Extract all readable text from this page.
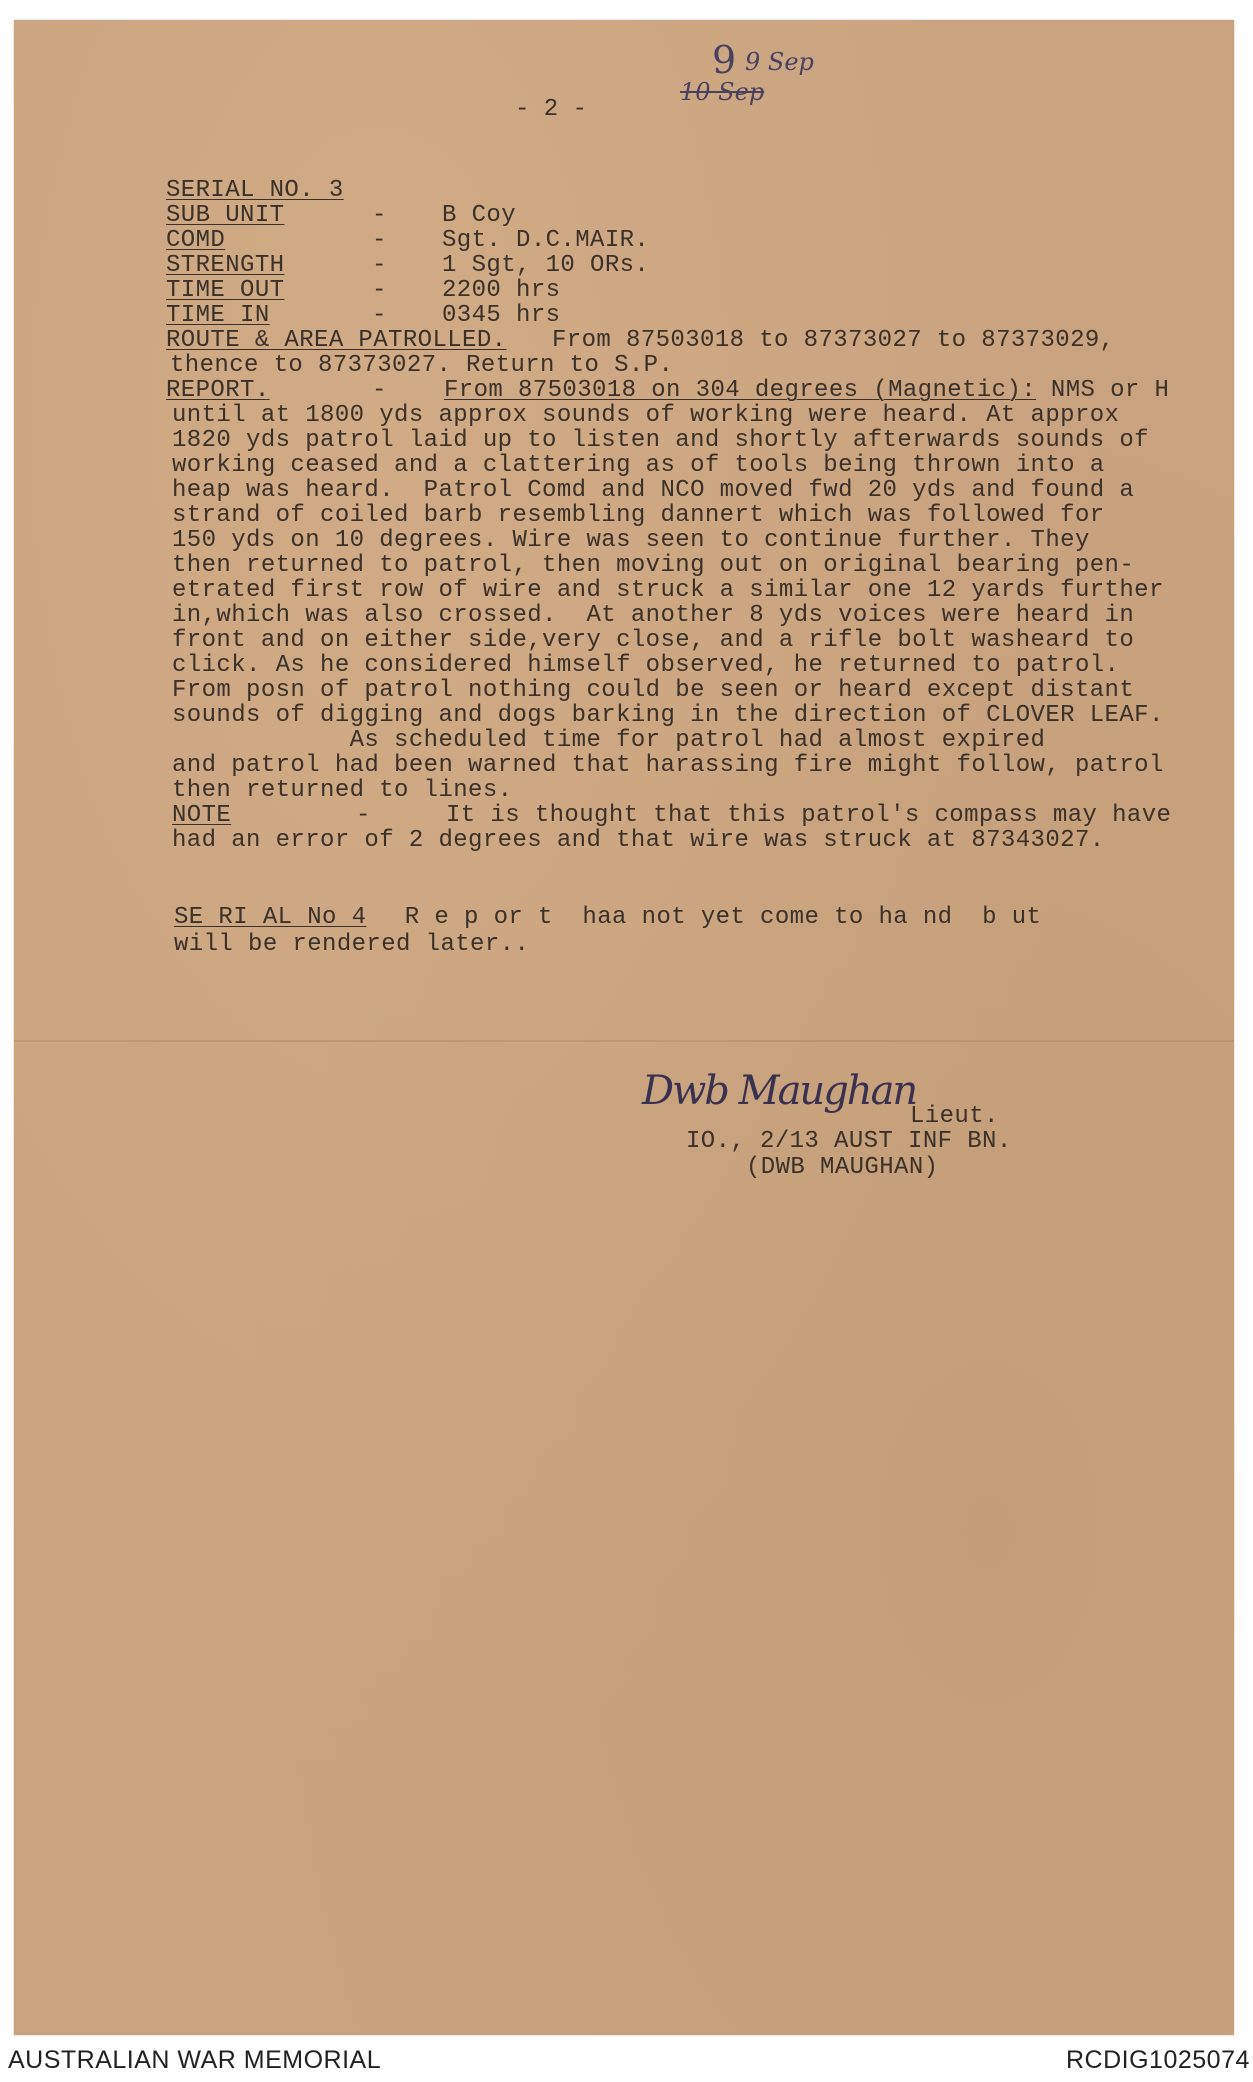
- 2 -
9 9 Sep
10 Sep
SERIAL NO. 3
SUB UNIT	- B Coy
COMD	- Sgt. D.C.MAIR.
STRENGTH	- 1 Sgt, 10 ORs.
TIME OUT	- 2200 hrs
TIME IN	- 0345 hrs
ROUTE & AREA PATROLLED. From 87503018 to 87373027 to 87373029,
thence to 87373027. Return to S.P.
REPORT.	- From 87503018 on 304 degrees (Magnetic): NMS or H
until at 1800 yds approx sounds of working were heard. At approx
1820 yds patrol laid up to listen and shortly afterwards sounds of
working ceased and a clattering as of tools being thrown into a
heap was heard.  Patrol Comd and NCO moved fwd 20 yds and found a
strand of coiled barb resembling dannert which was followed for
150 yds on 10 degrees. Wire was seen to continue further. They
then returned to patrol, then moving out on original bearing pen-
etrated first row of wire and struck a similar one 12 yards further
in,which was also crossed.  At another 8 yds voices were heard in
front and on either side,very close, and a rifle bolt washeard to
click. As he considered himself observed, he returned to patrol.
From posn of patrol nothing could be seen or heard except distant
sounds of digging and dogs barking in the direction of CLOVER LEAF.
As scheduled time for patrol had almost expired
and patrol had been warned that harassing fire might follow, patrol
then returned to lines.
NOTE	-	It is thought that this patrol's compass may have
had an error of 2 degrees and that wire was struck at 87343027.
SE RI AL No 4 R e p or t  haa not yet come to ha nd  b ut
will be rendered later..
Dwb Maughan
Lieut.
IO., 2/13 AUST INF BN.
(DWB MAUGHAN)
AUSTRALIAN WAR MEMORIAL	RCDIG1025074
